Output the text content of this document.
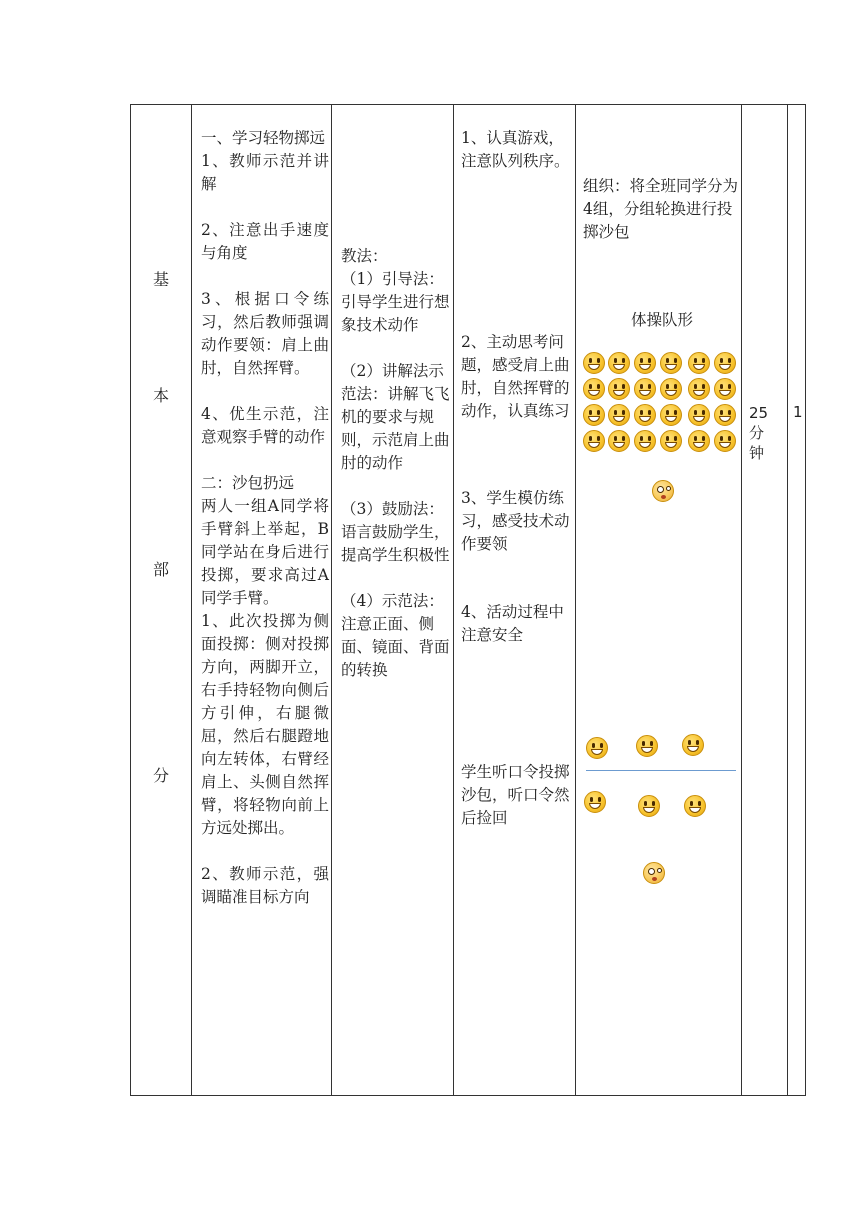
基
本
部
分

一、学习轻物掷远

1、教师示范并讲解

2、注意出手速度与角度

3、根据口令练习，然后教师强调动作要领：肩上曲肘，自然挥臂。

4、优生示范，注意观察手臂的动作

二：沙包扔远

两人一组A同学将手臂斜上举起，B同学站在身后进行投掷，要求高过A同学手臂。

1、此次投掷为侧面投掷：侧对投掷方向，两脚开立，右手持轻物向侧后方引伸，右腿微屈，然后右腿蹬地向左转体，右臂经肩上、头侧自然挥臂，将轻物向前上方远处掷出。

2、教师示范，强调瞄准目标方向

教法：

（1）引导法：引导学生进行想象技术动作

（2）讲解法示范法：讲解飞飞机的要求与规则，示范肩上曲肘的动作

（3）鼓励法：语言鼓励学生，提高学生积极性

（4）示范法：注意正面、侧面、镜面、背面的转换

1、认真游戏，注意队列秩序。
2、主动思考问题，感受肩上曲肘，自然挥臂的动作，认真练习
3、学生模仿练习，感受技术动作要领
4、活动过程中注意安全
学生听口令投掷沙包，听口令然后捡回
组织：将全班同学分为4组，分组轮换进行投掷沙包
体操队形
25
分
钟
1
